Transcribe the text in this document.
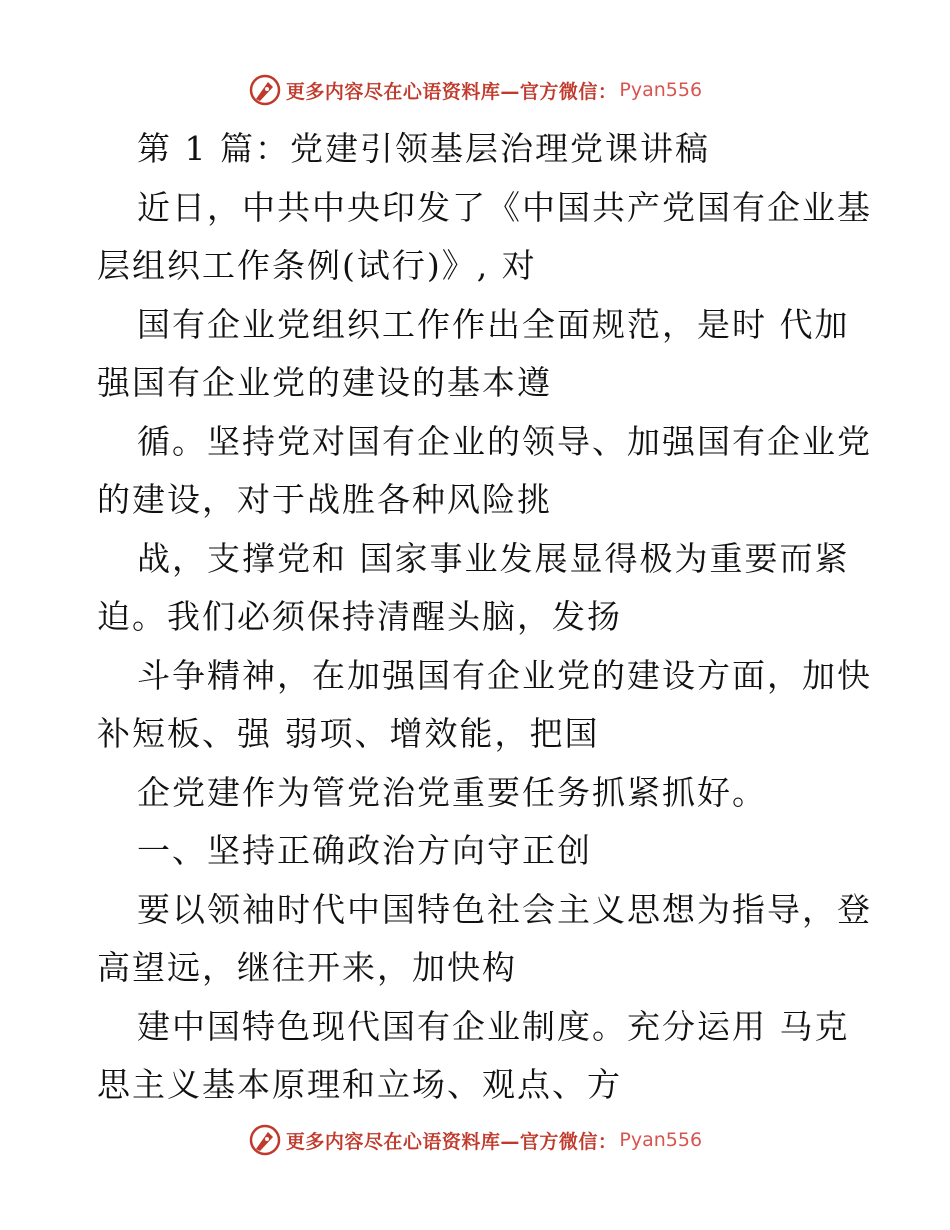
更多内容尽在心语资料库—官方微信： Pyan556
第 1 篇：党建引领基层治理党课讲稿
近日，中共中央印发了《中国共产党国有企业基
层组织工作条例(试行)》, 对
国有企业党组织工作作出全面规范，是时 代加
强国有企业党的建设的基本遵
循。坚持党对国有企业的领导、加强国有企业党
的建设，对于战胜各种风险挑
战，支撑党和 国家事业发展显得极为重要而紧
迫。我们必须保持清醒头脑，发扬
斗争精神，在加强国有企业党的建设方面，加快
补短板、强 弱项、增效能，把国
企党建作为管党治党重要任务抓紧抓好。
一、坚持正确政治方向守正创
要以领袖时代中国特色社会主义思想为指导，登
高望远，继往开来，加快构
建中国特色现代国有企业制度。充分运用 马克
思主义基本原理和立场、观点、方
更多内容尽在心语资料库—官方微信： Pyan556
